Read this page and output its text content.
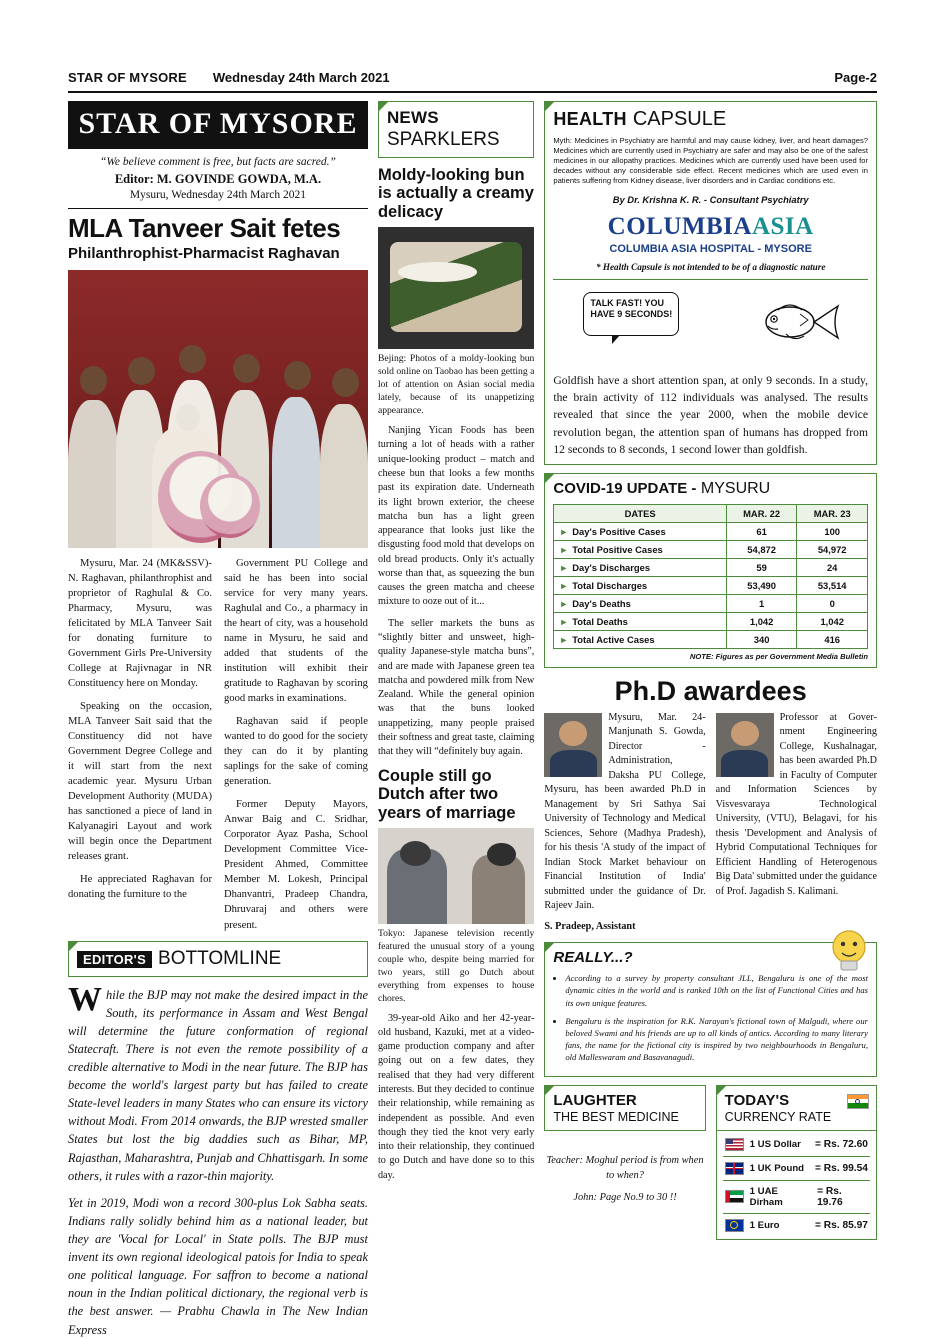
STAR OF MYSORE Wednesday 24th March 2021	Page-2
STAR OF MYSORE
“We believe comment is free, but facts are sacred.”
Editor: M. GOVINDE GOWDA, M.A.
Mysuru, Wednesday 24th March 2021
MLA Tanveer Sait fetes
Philanthrophist-Pharmacist Raghavan

Mysuru, Mar. 24 (MK&SSV)- N. Raghavan, philanthrophist and proprietor of Raghulal & Co. Pharmacy, Mysuru, was felicitated by MLA Tanveer Sait for donating furniture to Government Girls Pre-University College at Rajivnagar in NR Constituency here on Monday.

Speaking on the occasion, MLA Tanveer Sait said that the Constituency did not have Government Degree College and it will start from the next academic year. Mysuru Urban Development Authority (MUDA) has sanctioned a piece of land in Kalyanagiri Layout and work will begin once the Department releases grant.

He appreciated Raghavan for donating the furniture to the

Government PU College and said he has been into social service for very many years. Raghulal and Co., a pharmacy in the heart of city, was a household name in Mysuru, he said and added that students of the institution will exhibit their gratitude to Raghavan by scoring good marks in examinations.

Raghavan said if people wanted to do good for the society they can do it by planting saplings for the sake of coming generation.

Former Deputy Mayors, Anwar Baig and C. Sridhar, Corporator Ayaz Pasha, School Development Committee Vice-President Ahmed, Committee Member M. Lokesh, Principal Dhanvantri, Pradeep Chandra, Dhruvaraj and others were present.

EDITOR'S BOTTOMLINE

While the BJP may not make the desired impact in the South, its performance in Assam and West Bengal will determine the future conformation of regional Statecraft. There is not even the remote possibility of a credible alternative to Modi in the near future. The BJP has become the world's largest party but has failed to create State-level leaders in many States who can ensure its victory without Modi. From 2014 onwards, the BJP wrested smaller States but lost the big daddies such as Bihar, MP, Rajasthan, Maharashtra, Punjab and Chhattisgarh. In some others, it rules with a razor-thin majority.

Yet in 2019, Modi won a record 300-plus Lok Sabha seats. Indians rally solidly behind him as a national leader, but they are 'Vocal for Local' in State polls. The BJP must invent its own regional ideological patois for India to speak one political language. For saffron to become a national noun in the Indian political dictionary, the regional verb is the best answer. — Prabhu Chawla in The New Indian Express

NEWS
SPARKLERS
Moldy-looking bun is actually a creamy delicacy
Bejing: Photos of a moldy-looking bun sold online on Taobao has been getting a lot of attention on Asian social media lately, because of its unappetizing appearance.

Nanjing Yican Foods has been turning a lot of heads with a rather unique-looking product – match and cheese bun that looks a few months past its expiration date. Underneath its light brown exterior, the cheese matcha bun has a light green appearance that looks just like the disgusting food mold that develops on old bread products. Only it's actually worse than that, as squeezing the bun causes the green matcha and cheese mixture to ooze out of it...

The seller markets the buns as “slightly bitter and unsweet, high-quality Japanese-style matcha buns”, and are made with Japanese green tea matcha and powdered milk from New Zealand. While the general opinion was that the buns looked unappetizing, many people praised their softness and great taste, claiming that they will “definitely buy again.

Couple still go Dutch after two years of marriage
Tokyo: Japanese television recently featured the unusual story of a young couple who, despite being married for two years, still go Dutch about everything from expenses to house chores.

39-year-old Aiko and her 42-year-old husband, Kazuki, met at a video-game production company and after going out on a few dates, they realised that they had very different interests. But they decided to continue their relationship, while remaining as independent as possible. And even though they tied the knot very early into their relationship, they continued to go Dutch and have done so to this day.

HEALTH CAPSULE
Myth: Medicines in Psychiatry are harmful and may cause kidney, liver, and heart damages? Medicines which are currently used in Psychiatry are safer and may also be one of the safest medicines in our allopathy practices. Medicines which are currently used have been used for decades without any considerable side effect. Recent medicines which are used even in patients suffering from Kidney disease, liver disorders and in Cardiac conditions etc.
By Dr. Krishna K. R. - Consultant Psychiatry
COLUMBIAASIA
COLUMBIA ASIA HOSPITAL - MYSORE
* Health Capsule is not intended to be of a diagnostic nature
TALK FAST! YOU HAVE 9 SECONDS!
Goldfish have a short attention span, at only 9 seconds. In a study, the brain activity of 112 individuals was analysed. The results revealed that since the year 2000, when the mobile device revolution began, the attention span of humans has dropped from 12 seconds to 8 seconds, 1 second lower than goldfish.
COVID-19 UPDATE - MYSURU
DATES	MAR. 22	MAR. 23
► Day's Positive Cases	61	100
► Total Positive Cases	54,872	54,972
► Day's Discharges	59	24
► Total Discharges	53,490	53,514
► Day's Deaths	1	0
► Total Deaths	1,042	1,042
► Total Active Cases	340	416
NOTE: Figures as per Government Media Bulletin
Ph.D awardees
Mysuru, Mar. 24- Manjunath S. Gowda, Director - Administration, Daksha PU College, Mysuru, has been awarded Ph.D in Management by Sri Sathya Sai University of Technology and Medical Sciences, Sehore (Madhya Pradesh), for his thesis 'A study of the impact of Indian Stock Market behaviour on Financial Institution of India' submitted under the guidance of Dr. Rajeev Jain.
S. Pradeep, Assistant
Professor at Gover-nment Engineering College, Kushalnagar, has been awarded Ph.D in Faculty of Computer and Information Sciences by Visvesvaraya Technological University, (VTU), Belagavi, for his thesis 'Development and Analysis of Hybrid Computational Techniques for Efficient Handling of Heterogenous Big Data' submitted under the guidance of Prof. Jagadish S. Kalimani.
REALLY...?
• According to a survey by property consultant JLL, Bengaluru is one of the most dynamic cities in the world and is ranked 10th on the list of Functional Cities and has its own unique features.
• Bengaluru is the inspiration for R.K. Narayan's fictional town of Malgudi, where our beloved Swami and his friends are up to all kinds of antics. According to many literary fans, the name for the fictional city is inspired by two neighbourhoods in Bengaluru, old Malleswaram and Basavanagudi.
LAUGHTER
THE BEST MEDICINE
Teacher: Moghul period is from when to when?
John: Page No.9 to 30 !!
TODAY'S
CURRENCY RATE
1 US Dollar = Rs. 72.60
1 UK Pound = Rs. 99.54
1 UAE Dirham
= Rs. 19.76
1 Euro	= Rs. 85.97
